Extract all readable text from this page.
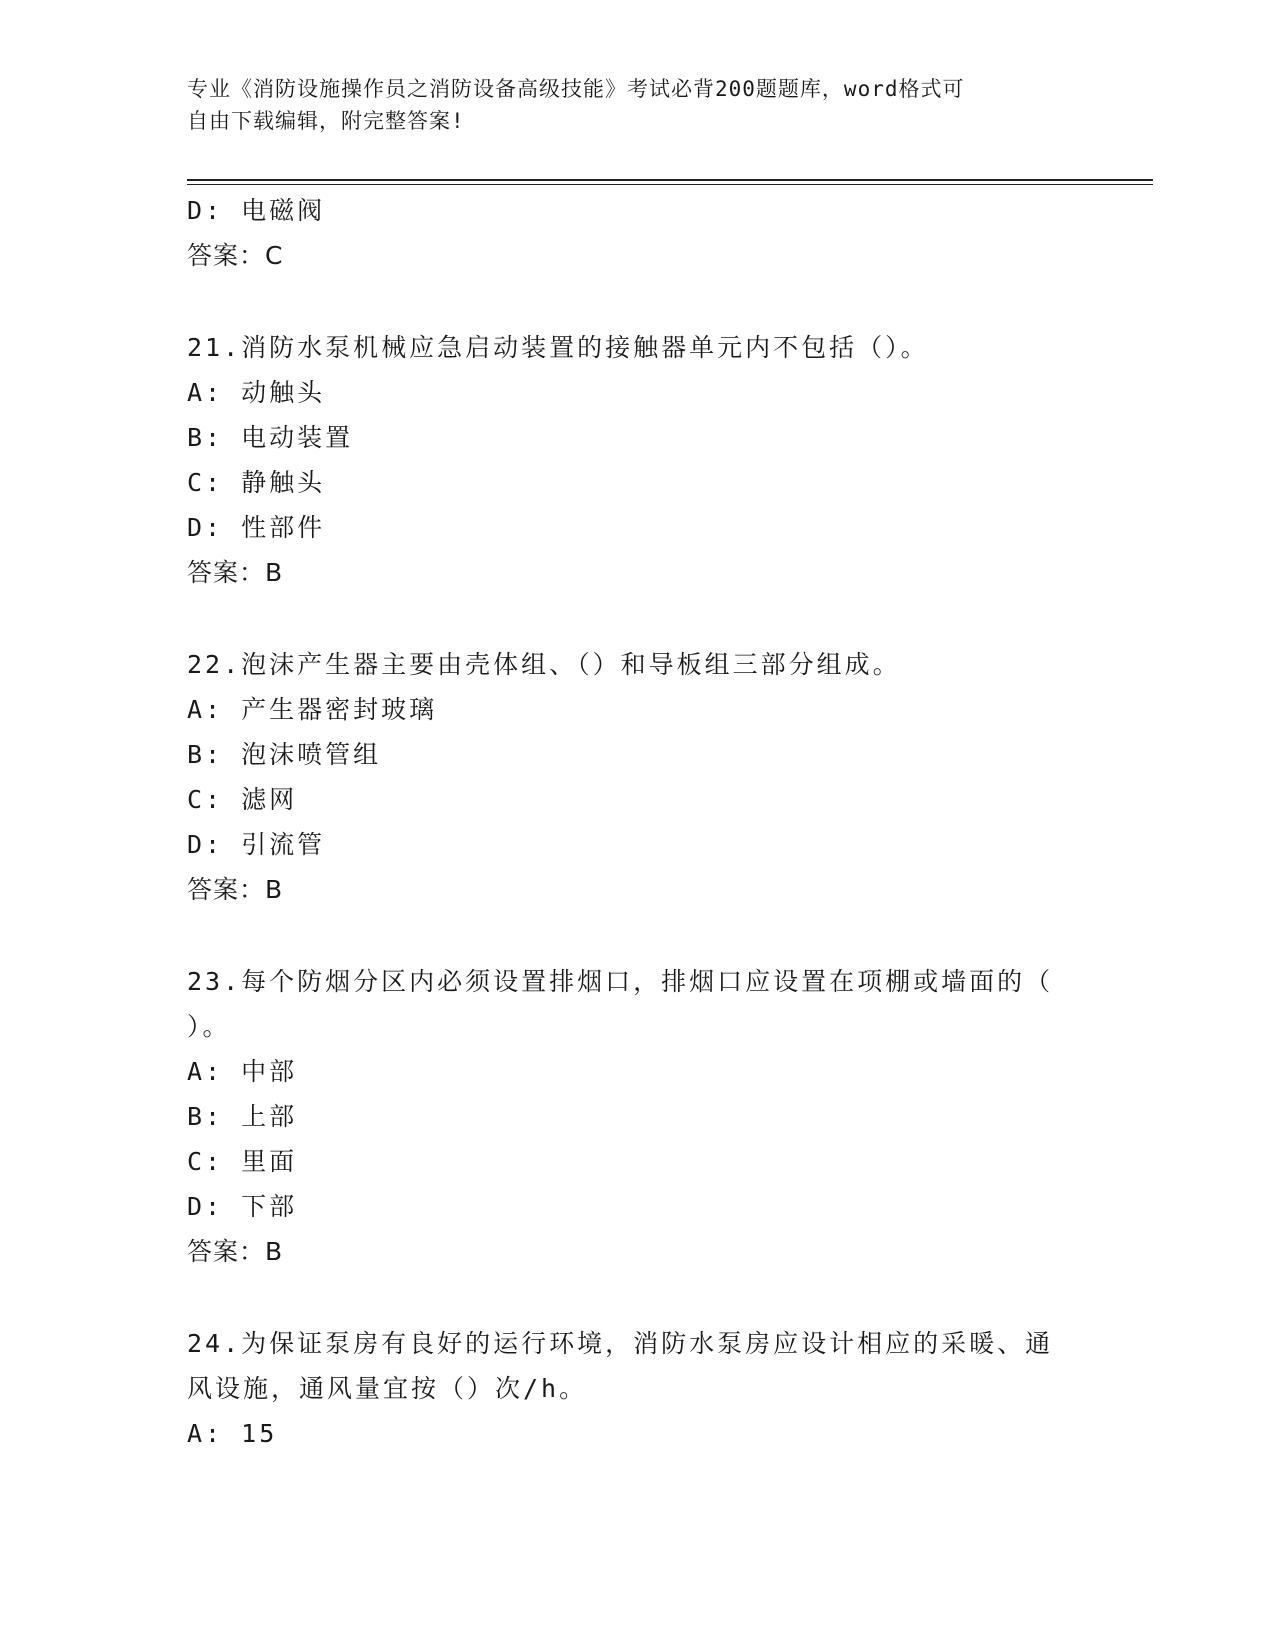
专业《消防设施操作员之消防设备高级技能》考试必背200题题库，word格式可
自由下载编辑，附完整答案!
D: 电磁阀
答案：C
21.消防水泵机械应急启动装置的接触器单元内不包括（）。
A: 动触头
B: 电动装置
C: 静触头
D: 性部件
答案：B
22.泡沫产生器主要由壳体组、（）和导板组三部分组成。
A: 产生器密封玻璃
B: 泡沫喷管组
C: 滤网
D: 引流管
答案：B
23.每个防烟分区内必须设置排烟口，排烟口应设置在项棚或墙面的（
）。
A: 中部
B: 上部
C: 里面
D: 下部
答案：B
24.为保证泵房有良好的运行环境，消防水泵房应设计相应的采暖、通
风设施，通风量宜按（）次/h。
A: 15
